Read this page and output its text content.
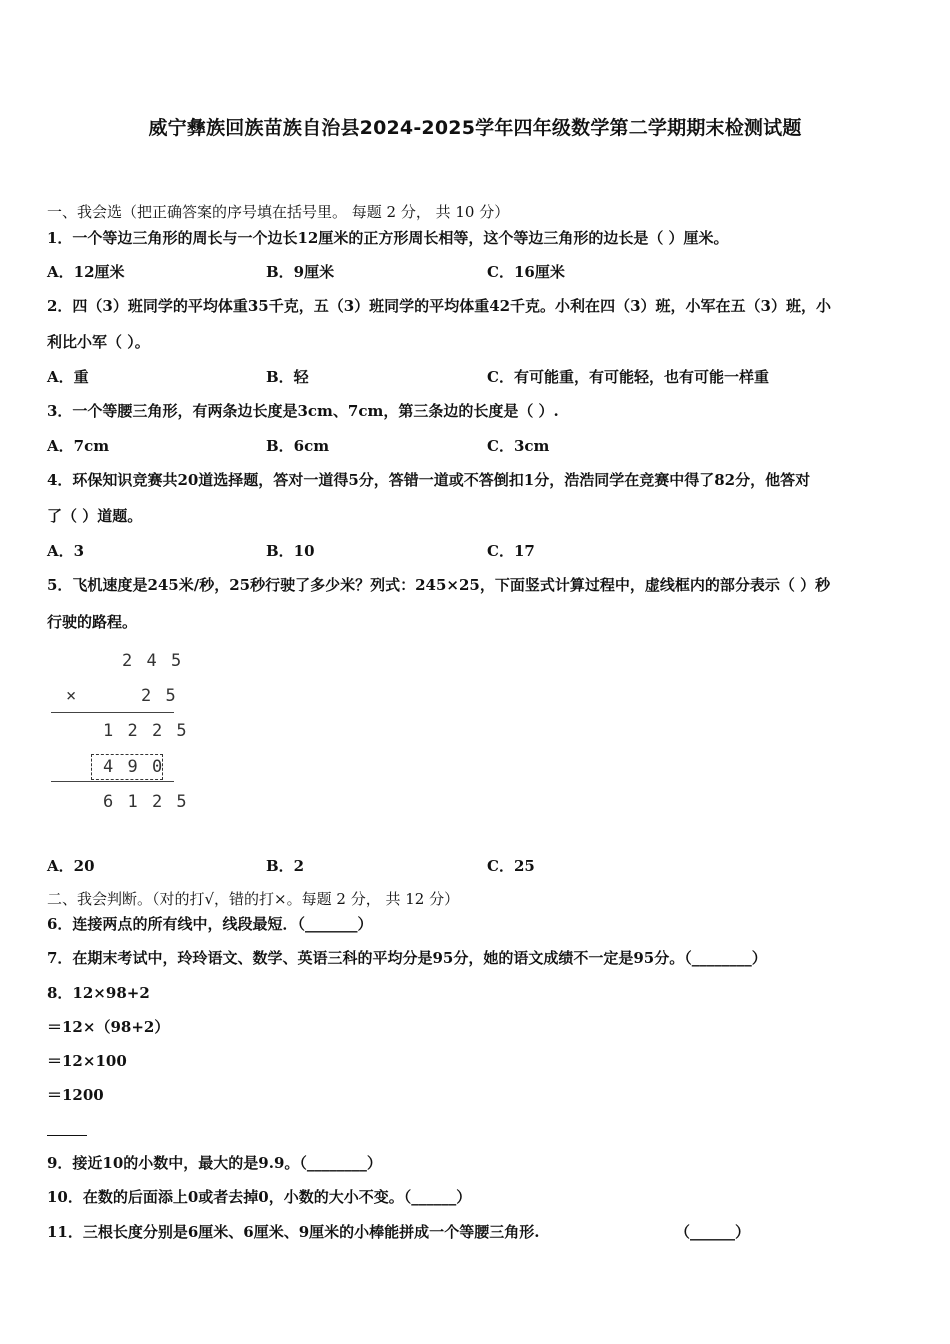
威宁彝族回族苗族自治县2024-2025学年四年级数学第二学期期末检测试题
一、我会选（把正确答案的序号填在括号里。 每题 2 分， 共 10 分）
1．一个等边三角形的周长与一个边长12厘米的正方形周长相等，这个等边三角形的边长是（ ）厘米。
A．12厘米	B．9厘米	C．16厘米
2．四（3）班同学的平均体重35千克，五（3）班同学的平均体重42千克。小利在四（3）班，小军在五（3）班，小
利比小军（ ）。
A．重	B．轻	C．有可能重，有可能轻，也有可能一样重
3．一个等腰三角形，有两条边长度是3cm、7cm，第三条边的长度是（ ）.
A．7cm	B．6cm	C．3cm
4．环保知识竞赛共20道选择题，答对一道得5分，答错一道或不答倒扣1分，浩浩同学在竞赛中得了82分，他答对
了（ ）道题。
A．3	B．10	C．17
5．飞机速度是245米/秒，25秒行驶了多少米？列式：245×25，下面竖式计算过程中，虚线框内的部分表示（ ）秒
行驶的路程。
2 4 5
×	2 5
1 2 2 5
4 9 0
6 1 2 5
A．20	B．2	C．25
二、我会判断。（对的打√，错的打×。每题 2 分， 共 12 分）
6．连接两点的所有线中，线段最短．（_______）
7．在期末考试中，玲玲语文、数学、英语三科的平均分是95分，她的语文成绩不一定是95分。（________）
8．12×98+2
＝12×（98+2）
＝12×100
＝1200
9．接近10的小数中，最大的是9.9。（________）
10．在数的后面添上0或者去掉0，小数的大小不变。（______）
11．三根长度分别是6厘米、6厘米、9厘米的小棒能拼成一个等腰三角形.	（______）
